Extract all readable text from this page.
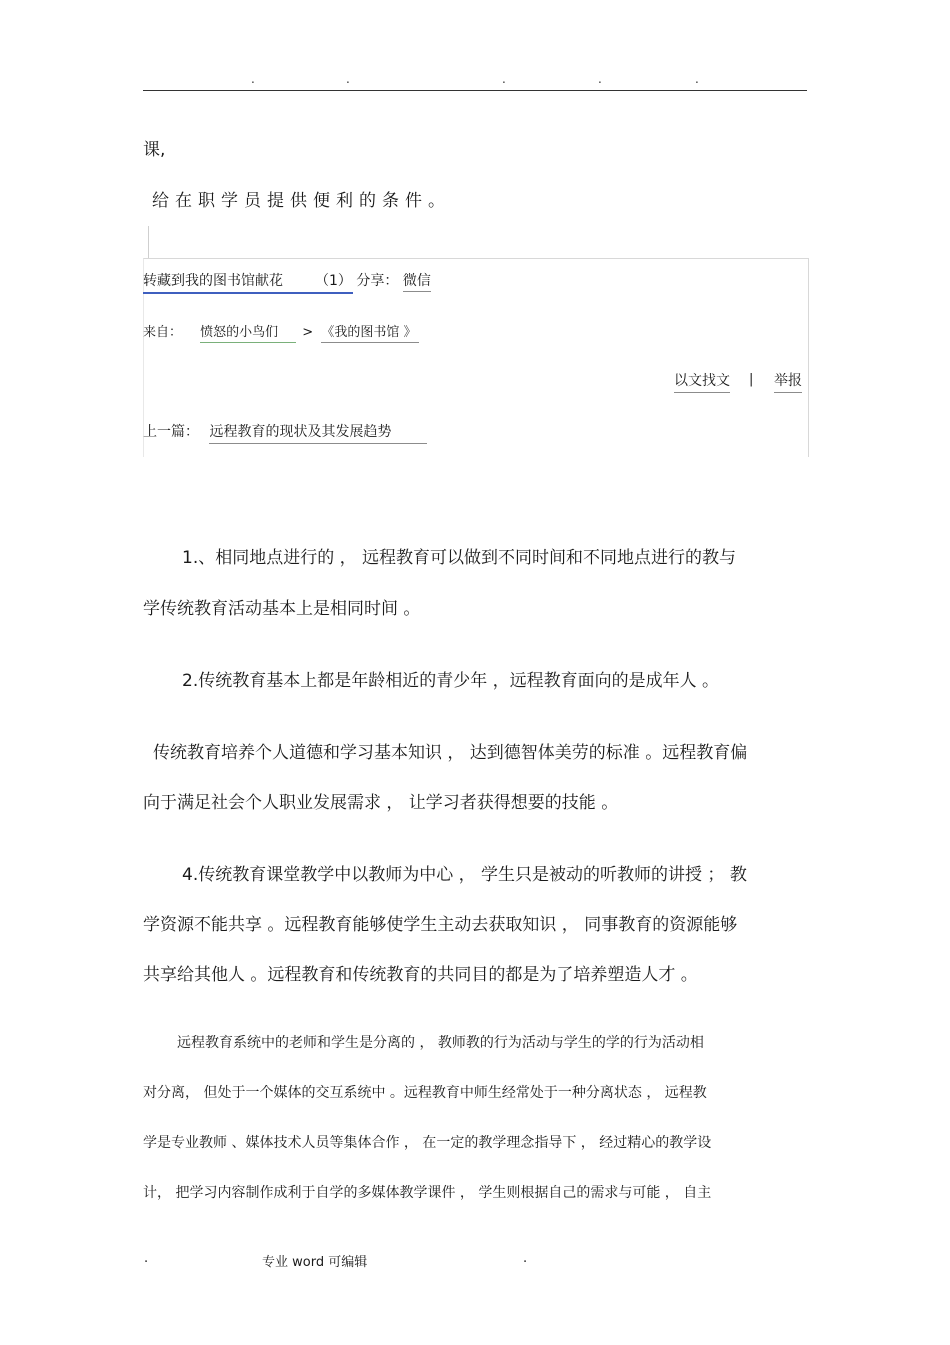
.	.	.	.	.
课,
给在职学员提供便利的条件。
转藏到我的图书馆献花 （1） 分享： 微信
来自： 愤怒的小鸟们 > 《我的图书馆 》
以文找文 | 举报
上一篇： 远程教育的现状及其发展趋势
1.、相同地点进行的 ， 远程教育可以做到不同时间和不同地点进行的教与
学传统教育活动基本上是相同时间 。
2.传统教育基本上都是年龄相近的青少年 ，远程教育面向的是成年人 。
传统教育培养个人道德和学习基本知识 ， 达到德智体美劳的标准 。远程教育偏
向于满足社会个人职业发展需求 ， 让学习者获得想要的技能 。
4.传统教育课堂教学中以教师为中心 ， 学生只是被动的听教师的讲授 ； 教
学资源不能共享 。远程教育能够使学生主动去获取知识 ， 同事教育的资源能够
共享给其他人 。远程教育和传统教育的共同目的都是为了培养塑造人才 。
远程教育系统中的老师和学生是分离的 ， 教师教的行为活动与学生的学的行为活动相
对分离， 但处于一个媒体的交互系统中 。远程教育中师生经常处于一种分离状态 ， 远程教
学是专业教师 、媒体技术人员等集体合作 ， 在一定的教学理念指导下 ， 经过精心的教学设
计， 把学习内容制作成利于自学的多媒体教学课件 ， 学生则根据自己的需求与可能 ， 自主
.	专业 word 可编辑	.
